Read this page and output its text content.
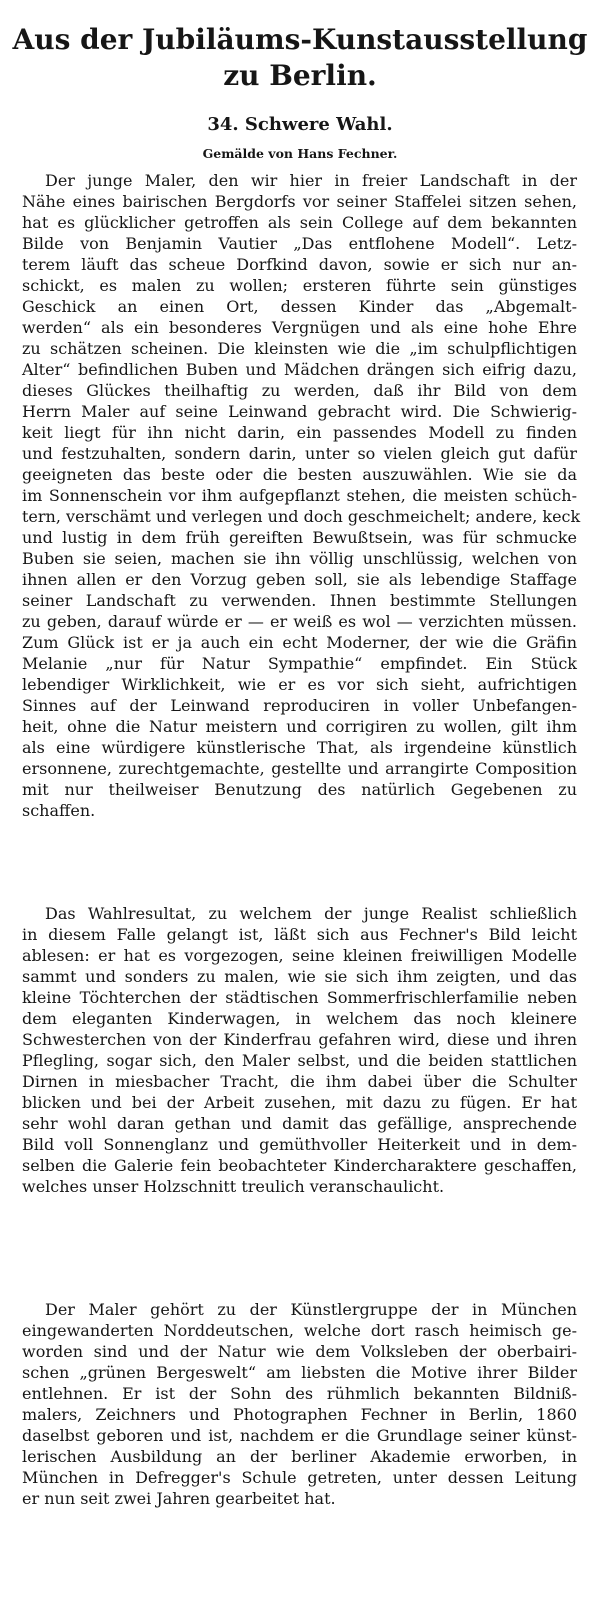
Aus der Jubiläums-Kunstausstellung
zu Berlin.
34. Schwere Wahl.
Gemälde von Hans Fechner.
Der junge Maler, den wir hier in freier Landschaft in der
Nähe eines bairischen Bergdorfs vor seiner Staffelei sitzen sehen,
hat es glücklicher getroffen als sein College auf dem bekannten
Bilde von Benjamin Vautier „Das entflohene Modell“. Letz-
terem läuft das scheue Dorfkind davon, sowie er sich nur an-
schickt, es malen zu wollen; ersteren führte sein günstiges
Geschick an einen Ort, dessen Kinder das „Abgemalt-
werden“ als ein besonderes Vergnügen und als eine hohe Ehre
zu schätzen scheinen. Die kleinsten wie die „im schulpflichtigen
Alter“ befindlichen Buben und Mädchen drängen sich eifrig dazu,
dieses Glückes theilhaftig zu werden, daß ihr Bild von dem
Herrn Maler auf seine Leinwand gebracht wird. Die Schwierig-
keit liegt für ihn nicht darin, ein passendes Modell zu finden
und festzuhalten, sondern darin, unter so vielen gleich gut dafür
geeigneten das beste oder die besten auszuwählen. Wie sie da
im Sonnenschein vor ihm aufgepflanzt stehen, die meisten schüch-
tern, verschämt und verlegen und doch geschmeichelt; andere, keck
und lustig in dem früh gereiften Bewußtsein, was für schmucke
Buben sie seien, machen sie ihn völlig unschlüssig, welchen von
ihnen allen er den Vorzug geben soll, sie als lebendige Staffage
seiner Landschaft zu verwenden. Ihnen bestimmte Stellungen
zu geben, darauf würde er — er weiß es wol — verzichten müssen.
Zum Glück ist er ja auch ein echt Moderner, der wie die Gräfin
Melanie „nur für Natur Sympathie“ empfindet. Ein Stück
lebendiger Wirklichkeit, wie er es vor sich sieht, aufrichtigen
Sinnes auf der Leinwand reproduciren in voller Unbefangen-
heit, ohne die Natur meistern und corrigiren zu wollen, gilt ihm
als eine würdigere künstlerische That, als irgendeine künstlich
ersonnene, zurechtgemachte, gestellte und arrangirte Composition
mit nur theilweiser Benutzung des natürlich Gegebenen zu
schaffen.
Das Wahlresultat, zu welchem der junge Realist schließlich
in diesem Falle gelangt ist, läßt sich aus Fechner's Bild leicht
ablesen: er hat es vorgezogen, seine kleinen freiwilligen Modelle
sammt und sonders zu malen, wie sie sich ihm zeigten, und das
kleine Töchterchen der städtischen Sommerfrischlerfamilie neben
dem eleganten Kinderwagen, in welchem das noch kleinere
Schwesterchen von der Kinderfrau gefahren wird, diese und ihren
Pflegling, sogar sich, den Maler selbst, und die beiden stattlichen
Dirnen in miesbacher Tracht, die ihm dabei über die Schulter
blicken und bei der Arbeit zusehen, mit dazu zu fügen. Er hat
sehr wohl daran gethan und damit das gefällige, ansprechende
Bild voll Sonnenglanz und gemüthvoller Heiterkeit und in dem-
selben die Galerie fein beobachteter Kindercharaktere geschaffen,
welches unser Holzschnitt treulich veranschaulicht.
Der Maler gehört zu der Künstlergruppe der in München
eingewanderten Norddeutschen, welche dort rasch heimisch ge-
worden sind und der Natur wie dem Volksleben der oberbairi-
schen „grünen Bergeswelt“ am liebsten die Motive ihrer Bilder
entlehnen. Er ist der Sohn des rühmlich bekannten Bildniß-
malers, Zeichners und Photographen Fechner in Berlin, 1860
daselbst geboren und ist, nachdem er die Grundlage seiner künst-
lerischen Ausbildung an der berliner Akademie erworben, in
München in Defregger's Schule getreten, unter dessen Leitung
er nun seit zwei Jahren gearbeitet hat.
